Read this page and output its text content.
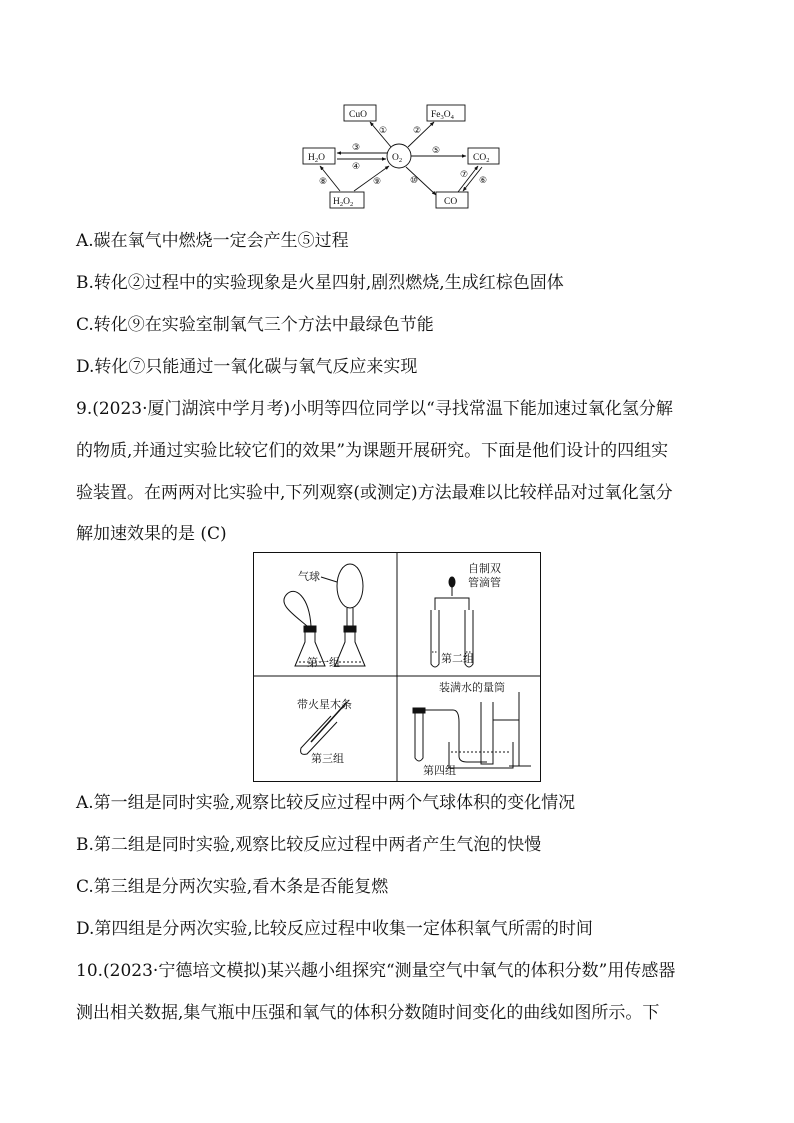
CuO	$Fe_3O_4$
$H_2O$	$CO_2$
$H_2O_2$	CO
$O_2$
①	②
③
④
⑤
⑥
⑦
⑧	⑨	⑩
A.碳在氧气中燃烧一定会产生⑤过程
B.转化②过程中的实验现象是火星四射,剧烈燃烧,生成红棕色固体
C.转化⑨在实验室制氧气三个方法中最绿色节能
D.转化⑦只能通过一氧化碳与氧气反应来实现
9.(2023·厦门湖滨中学月考)小明等四位同学以“寻找常温下能加速过氧化氢分解
的物质,并通过实验比较它们的效果”为课题开展研究。下面是他们设计的四组实
验装置。在两两对比实验中,下列观察(或测定)方法最难以比较样品对过氧化氢分
解加速效果的是 (C)
气球
第一组
自制双
管滴管
第二组
带火星木条
第三组
装满水的量筒
第四组
A.第一组是同时实验,观察比较反应过程中两个气球体积的变化情况
B.第二组是同时实验,观察比较反应过程中两者产生气泡的快慢
C.第三组是分两次实验,看木条是否能复燃
D.第四组是分两次实验,比较反应过程中收集一定体积氧气所需的时间
10.(2023·宁德培文模拟)某兴趣小组探究“测量空气中氧气的体积分数”用传感器
测出相关数据,集气瓶中压强和氧气的体积分数随时间变化的曲线如图所示。下
